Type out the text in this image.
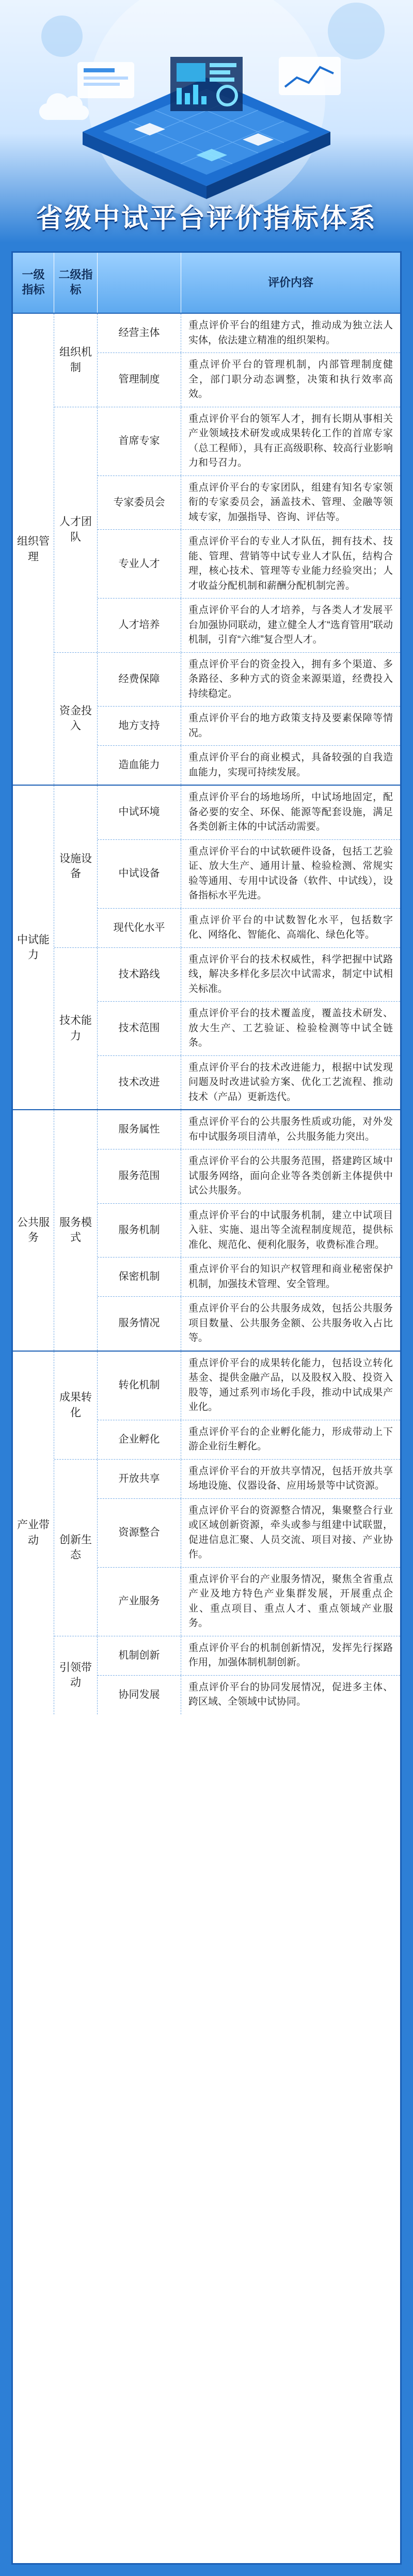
省级中试平台评价指标体系
一级指标
二级指标
评价内容
组织管理
组织机制
经营主体
重点评价平台的组建方式，推动成为独立法人实体，依法建立精准的组织架构。
管理制度
重点评价平台的管理机制，内部管理制度健全，部门职分动态调整，决策和执行效率高效。
人才团队
首席专家
重点评价平台的领军人才，拥有长期从事相关产业领域技术研发或成果转化工作的首席专家（总工程师），具有正高级职称、较高行业影响力和号召力。
专家委员会
重点评价平台的专家团队，组建有知名专家领衔的专家委员会，涵盖技术、管理、金融等领域专家，加强指导、咨询、评估等。
专业人才
重点评价平台的专业人才队伍，拥有技术、技能、管理、营销等中试专业人才队伍，结构合理，核心技术、管理等专业能力经验突出；人才收益分配机制和薪酬分配机制完善。
人才培养
重点评价平台的人才培养，与各类人才发展平台加强协同联动，建立健全人才“选育管用”联动机制，引育“六维”复合型人才。
资金投入
经费保障
重点评价平台的资金投入，拥有多个渠道、多条路径、多种方式的资金来源渠道，经费投入持续稳定。
地方支持
重点评价平台的地方政策支持及要素保障等情况。
造血能力
重点评价平台的商业模式，具备较强的自我造血能力，实现可持续发展。
中试能力
设施设备
中试环境
重点评价平台的场地场所，中试场地固定，配备必要的安全、环保、能源等配套设施，满足各类创新主体的中试活动需要。
中试设备
重点评价平台的中试软硬件设备，包括工艺验证、放大生产、通用计量、检验检测、常规实验等通用、专用中试设备（软件、中试线），设备指标水平先进。
现代化水平
重点评价平台的中试数智化水平，包括数字化、网络化、智能化、高端化、绿色化等。
技术能力
技术路线
重点评价平台的技术权威性，科学把握中试路线，解决多样化多层次中试需求，制定中试相关标准。
技术范围
重点评价平台的技术覆盖度，覆盖技术研发、放大生产、工艺验证、检验检测等中试全链条。
技术改进
重点评价平台的技术改进能力，根据中试发现问题及时改进试验方案、优化工艺流程、推动技术（产品）更新迭代。
公共服务
服务模式
服务属性
重点评价平台的公共服务性质或功能，对外发布中试服务项目清单，公共服务能力突出。
服务范围
重点评价平台的公共服务范围，搭建跨区域中试服务网络，面向企业等各类创新主体提供中试公共服务。
服务机制
重点评价平台的中试服务机制，建立中试项目入驻、实施、退出等全流程制度规范，提供标准化、规范化、便利化服务，收费标准合理。
保密机制
重点评价平台的知识产权管理和商业秘密保护机制，加强技术管理、安全管理。
服务情况
重点评价平台的公共服务成效，包括公共服务项目数量、公共服务金额、公共服务收入占比等。
产业带动
成果转化
转化机制
重点评价平台的成果转化能力，包括设立转化基金、提供金融产品，以及股权入股、投资入股等，通过系列市场化手段，推动中试成果产业化。
企业孵化
重点评价平台的企业孵化能力，形成带动上下游企业衍生孵化。
创新生态
开放共享
重点评价平台的开放共享情况，包括开放共享场地设施、仪器设备、应用场景等中试资源。
资源整合
重点评价平台的资源整合情况，集聚整合行业或区域创新资源，牵头或参与组建中试联盟，促进信息汇聚、人员交流、项目对接、产业协作。
产业服务
重点评价平台的产业服务情况，聚焦全省重点产业及地方特色产业集群发展，开展重点企业、重点项目、重点人才、重点领域产业服务。
引领带动
机制创新
重点评价平台的机制创新情况，发挥先行探路作用，加强体制机制创新。
协同发展
重点评价平台的协同发展情况，促进多主体、跨区域、全领域中试协同。
